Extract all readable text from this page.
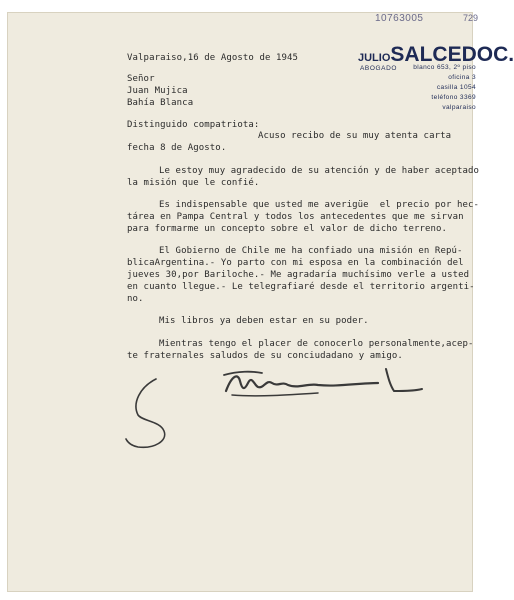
10763005	729
JULIOSALCEDOC.
ABOGADO	blanco 653, 2º piso
oficina 3
casilla 1054
teléfono 3369
valparaiso
Valparaiso,16 de Agosto de 1945
Señor
Juan Mujica
Bahía Blanca
Distinguido compatriota:
Acuso recibo de su muy atenta carta
fecha 8 de Agosto.
Le estoy muy agradecido de su atención y de haber aceptado
la misión que le confié.
Es indispensable que usted me averigüe  el precio por hec-
tárea en Pampa Central y todos los antecedentes que me sirvan
para formarme un concepto sobre el valor de dicho terreno.
El Gobierno de Chile me ha confiado una misión en Repú-
blicaArgentina.- Yo parto con mi esposa en la combinación del
jueves 30,por Bariloche.- Me agradaría muchísimo verle a usted
en cuanto llegue.- Le telegrafiaré desde el territorio argenti-
no.
Mis libros ya deben estar en su poder.
Mientras tengo el placer de conocerlo personalmente,acep-
te fraternales saludos de su conciudadano y amigo.
